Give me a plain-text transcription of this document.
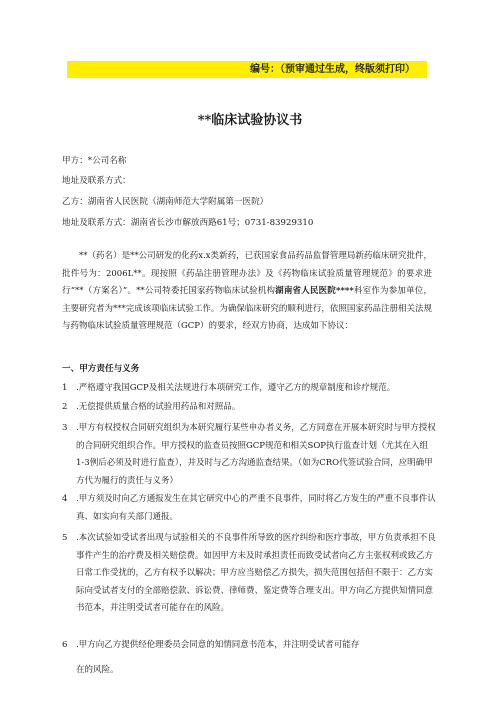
编号：（预审通过生成，终版须打印）
**临床试验协议书
甲方：*公司名称
地址及联系方式：
乙方：湖南省人民医院（湖南师范大学附属第一医院）
地址及联系方式：湖南省长沙市解放西路61号；0731-83929310
**（药名）是**公司研发的化药x.x类新药，已获国家食品药品监督管理局新药临床研究批件，批件号为：2006L**。现按照《药品注册管理办法》及《药物临床试验质量管理规范》的要求进行“**（方案名）”。**公司特委托国家药物临床试验机构湖南省人民医院****科室作为参加单位，主要研究者为***完成该项临床试验工作。为确保临床研究的顺利进行，依照国家药品注册相关法规与药物临床试验质量管理规范（GCP）的要求，经双方协商，达成如下协议：
一、甲方责任与义务
1	.严格遵守我国GCP及相关法规进行本项研究工作，遵守乙方的规章制度和诊疗规范。
2	.无偿提供质量合格的试验用药品和对照品。
3	.甲方有权授权合同研究组织为本研究履行某些申办者义务，乙方同意在开展本研究时与甲方授权的合同研究组织合作。甲方授权的监查员按照GCP规范和相关SOP执行监查计划（尤其在入组1-3例后必须及时进行监查），并及时与乙方沟通监查结果。（如为CRO代签试验合同，应明确甲方代为履行的责任与义务）
4	.甲方须及时向乙方通报发生在其它研究中心的严重不良事件，同时将乙方发生的严重不良事件认真、如实向有关部门通报。
5	.本次试验如受试者出现与试验相关的不良事件所导致的医疗纠纷和医疗事故，甲方负责承担不良事件产生的治疗费及相关赔偿费。如因甲方未及时承担责任而致受试者向乙方主张权利或致乙方日常工作受扰的，乙方有权予以解决；甲方应当赔偿乙方损失，损失范围包括但不限于：乙方实际向受试者支付的全部赔偿款、诉讼费、律师费、鉴定费等合理支出。甲方向乙方提供知情同意书范本，并注明受试者可能存在的风险。
6	.甲方向乙方提供经伦理委员会同意的知情同意书范本，并注明受试者可能存
在的风险。
